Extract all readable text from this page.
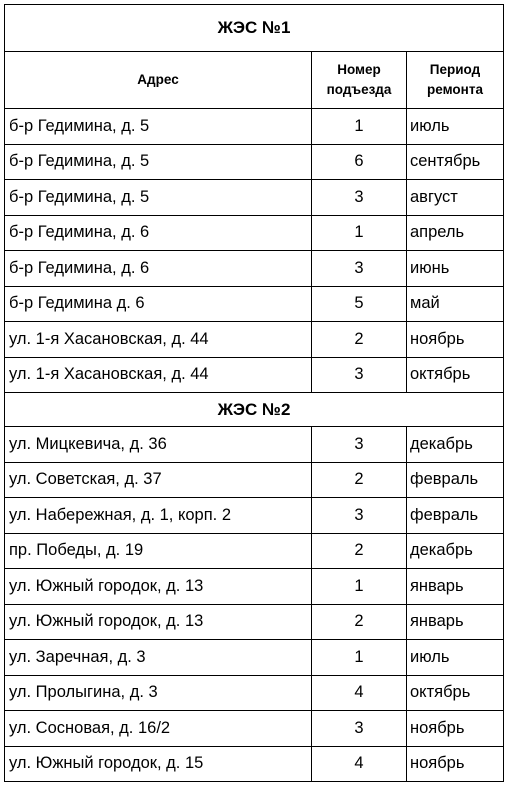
ЖЭС №1		
Адрес	Номер подъезда	Период ремонта
б-р Гедимина, д. 5	1	июль
б-р Гедимина, д. 5	6	сентябрь
б-р Гедимина, д. 5	3	август
б-р Гедимина, д. 6	1	апрель
б-р Гедимина, д. 6	3	июнь
б-р Гедимина д. 6	5	май
ул. 1-я Хасановская, д. 44	2	ноябрь
ул. 1-я Хасановская, д. 44	3	октябрь
ЖЭС №2		
ул. Мицкевича, д. 36	3	декабрь
ул. Советская, д. 37	2	февраль
ул. Набережная, д. 1, корп. 2	3	февраль
пр. Победы, д. 19	2	декабрь
ул. Южный городок, д. 13	1	январь
ул. Южный городок, д. 13	2	январь
ул. Заречная, д. 3	1	июль
ул. Пролыгина, д. 3	4	октябрь
ул. Сосновая, д. 16/2	3	ноябрь
ул. Южный городок, д. 15	4	ноябрь
